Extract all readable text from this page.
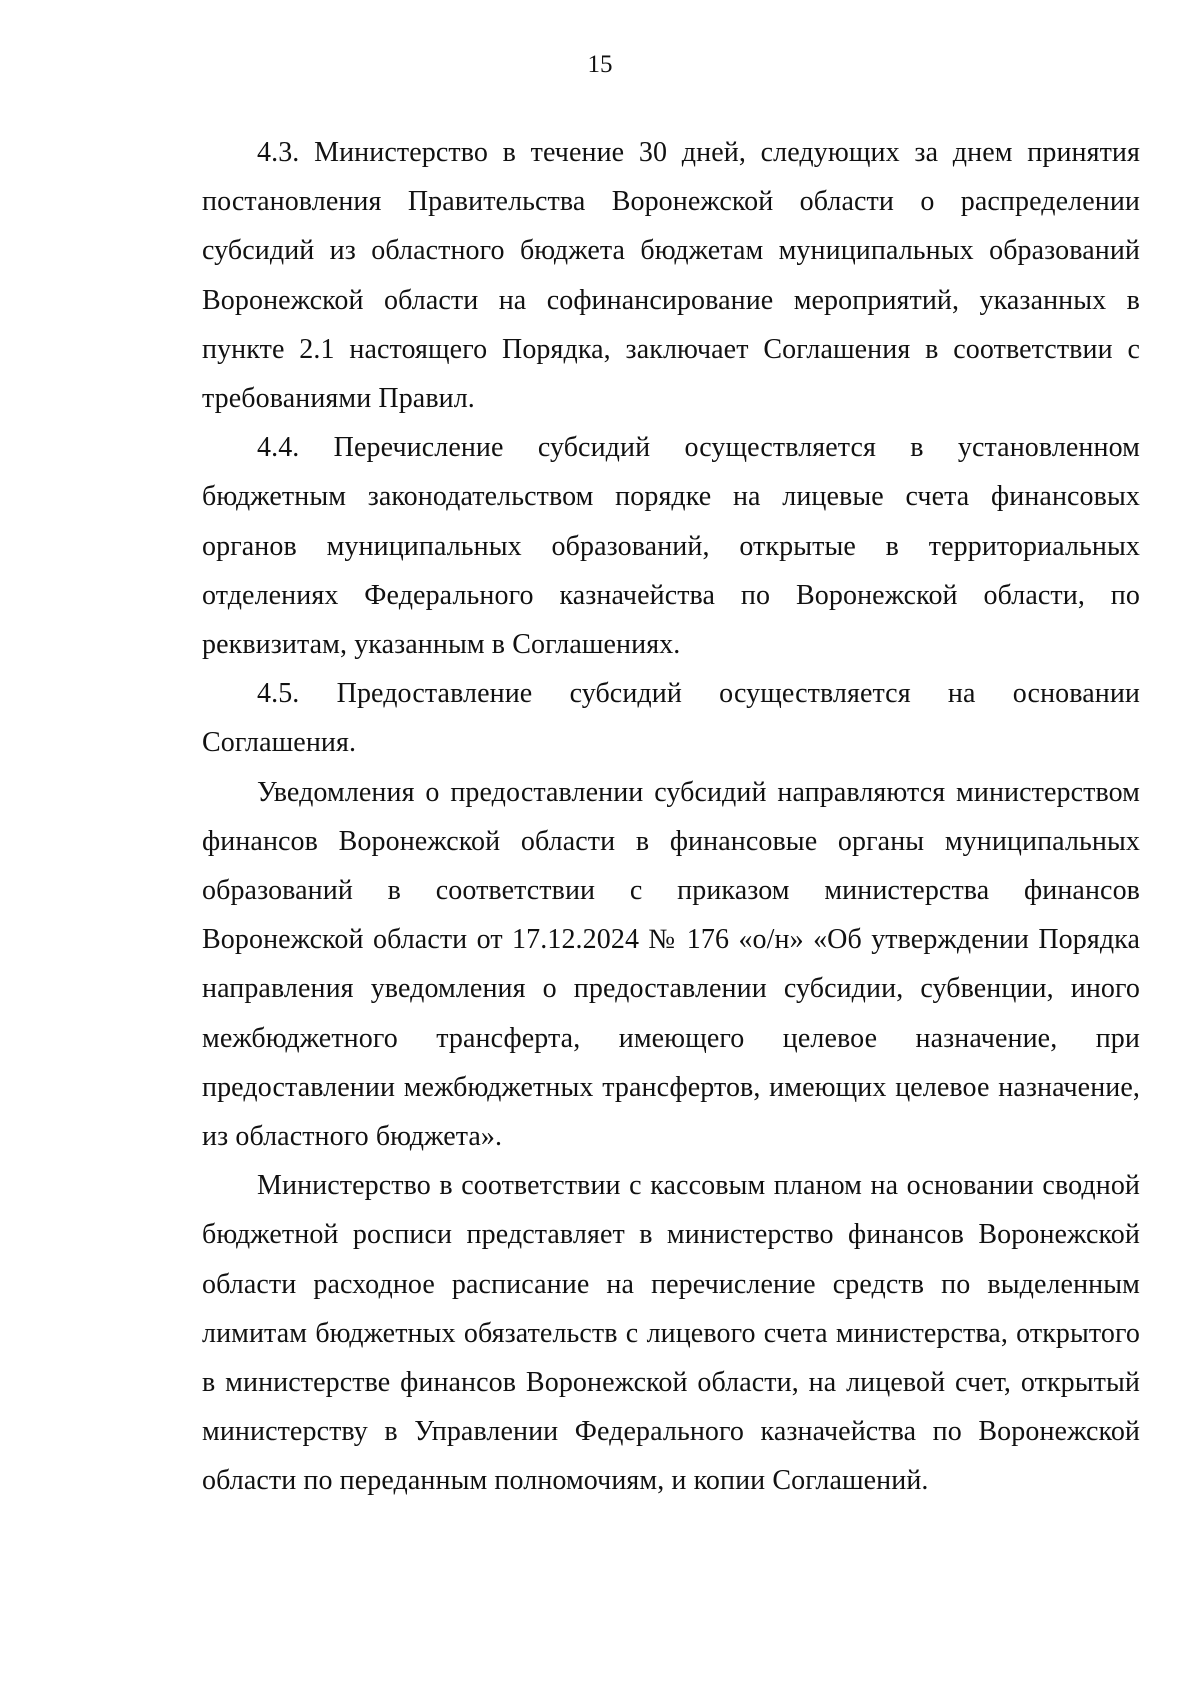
15

4.3. Министерство в течение 30 дней, следующих за днем принятия постановления Правительства Воронежской области о распределении субсидий из областного бюджета бюджетам муниципальных образований Воронежской области на софинансирование мероприятий, указанных в пункте 2.1 настоящего Порядка, заключает Соглашения в соответствии с требованиями Правил.

4.4. Перечисление субсидий осуществляется в установленном бюджетным законодательством порядке на лицевые счета финансовых органов муниципальных образований, открытые в территориальных отделениях Федерального казначейства по Воронежской области, по реквизитам, указанным в Соглашениях.

4.5. Предоставление субсидий осуществляется на основании Соглашения.

Уведомления о предоставлении субсидий направляются министерством финансов Воронежской области в финансовые органы муниципальных образований в соответствии с приказом министерства финансов Воронежской области от 17.12.2024 № 176 «о/н» «Об утверждении Порядка направления уведомления о предоставлении субсидии, субвенции, иного межбюджетного трансферта, имеющего целевое назначение, при предоставлении межбюджетных трансфертов, имеющих целевое назначение, из областного бюджета».

Министерство в соответствии с кассовым планом на основании сводной бюджетной росписи представляет в министерство финансов Воронежской области расходное расписание на перечисление средств по выделенным лимитам бюджетных обязательств с лицевого счета министерства, открытого в министерстве финансов Воронежской области, на лицевой счет, открытый министерству в Управлении Федерального казначейства по Воронежской области по переданным полномочиям, и копии Соглашений.
